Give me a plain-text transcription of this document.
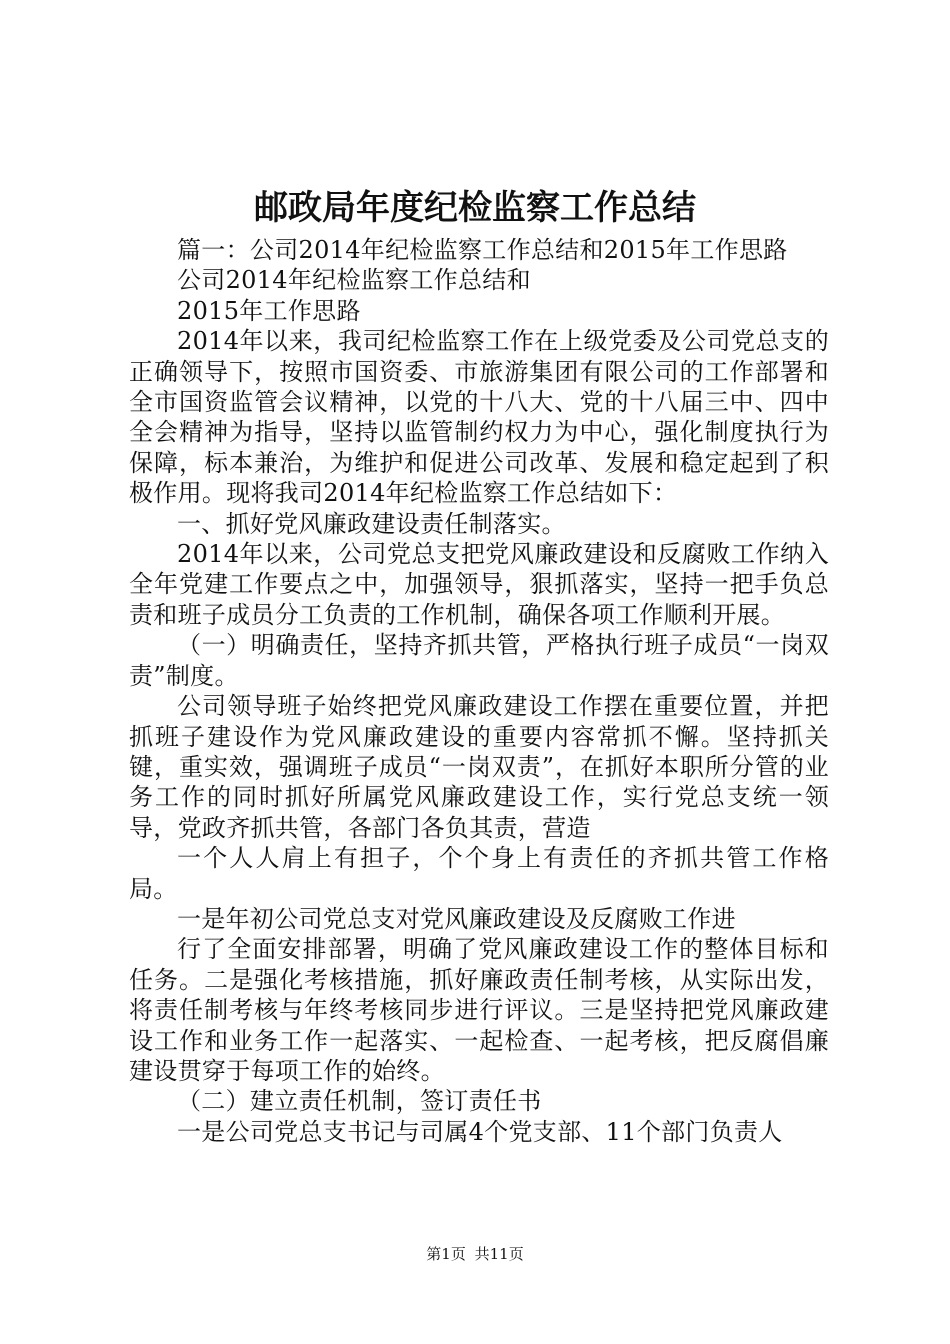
邮政局年度纪检监察工作总结

篇一：公司2014年纪检监察工作总结和2015年工作思路

公司2014年纪检监察工作总结和

2015年工作思路

2014年以来，我司纪检监察工作在上级党委及公司党总支的正确领导下，按照市国资委、市旅游集团有限公司的工作部署和全市国资监管会议精神，以党的十八大、党的十八届三中、四中全会精神为指导，坚持以监管制约权力为中心，强化制度执行为保障，标本兼治，为维护和促进公司改革、发展和稳定起到了积极作用。现将我司2014年纪检监察工作总结如下：

一、抓好党风廉政建设责任制落实。

2014年以来，公司党总支把党风廉政建设和反腐败工作纳入全年党建工作要点之中，加强领导，狠抓落实，坚持一把手负总责和班子成员分工负责的工作机制，确保各项工作顺利开展。

（一）明确责任，坚持齐抓共管，严格执行班子成员“一岗双责”制度。

公司领导班子始终把党风廉政建设工作摆在重要位置，并把抓班子建设作为党风廉政建设的重要内容常抓不懈。坚持抓关键，重实效，强调班子成员“一岗双责”，在抓好本职所分管的业务工作的同时抓好所属党风廉政建设工作，实行党总支统一领导，党政齐抓共管，各部门各负其责，营造

一个人人肩上有担子，个个身上有责任的齐抓共管工作格局。

一是年初公司党总支对党风廉政建设及反腐败工作进

行了全面安排部署，明确了党风廉政建设工作的整体目标和任务。二是强化考核措施，抓好廉政责任制考核，从实际出发，将责任制考核与年终考核同步进行评议。三是坚持把党风廉政建设工作和业务工作一起落实、一起检查、一起考核，把反腐倡廉建设贯穿于每项工作的始终。

（二）建立责任机制，签订责任书

一是公司党总支书记与司属4个党支部、11个部门负责人

第1页 共11页
